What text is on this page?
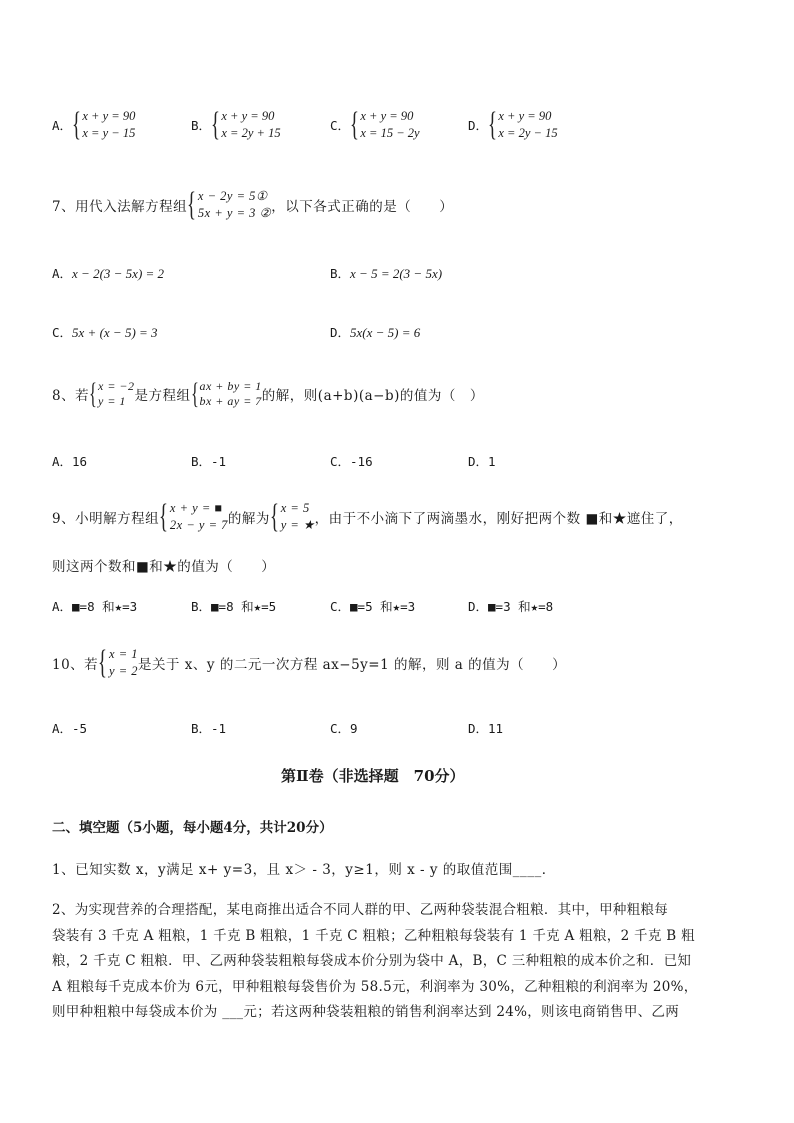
A． { x + y = 90
x = y − 15	B． { x + y = 90
x = 2y + 15	C． { x + y = 90
x = 15 − 2y	D． { x + y = 90
x = 2y − 15
7、用代入法解方程组 { x − 2y = 5①
5x + y = 3 ② ，以下各式正确的是（　　）
A．x − 2(3 − 5x) = 2	B．x − 5 = 2(3 − 5x)
C．5x + (x − 5) = 3	D．5x(x − 5) = 6
8、若 { x = −2
y = 1 是方程组 { ax + by = 1
bx + ay = 7 的解，则(a+b)(a−b)的值为（　）
A．16	B．-1	C．-16	D．1
9、小明解方程组 { x + y = ■
2x − y = 7 的解为 { x = 5
y = ★ ，由于不小滴下了两滴墨水，刚好把两个数 ■和★遮住了，
则这两个数和■和★的值为（　　）
A．■=8 和★=3	B．■=8 和★=5	C．■=5 和★=3	D．■=3 和★=8
10、若 { x = 1
y = 2 是关于 x、y 的二元一次方程 ax−5y=1 的解，则 a 的值为（　　）
A．-5	B．-1	C．9	D．11
第Ⅱ卷（非选择题　70分）
二、填空题（5小题，每小题4分，共计20分）
1、已知实数 x，y满足 x+ y=3，且 x＞ - 3，y≥1，则 x - y 的取值范围____．
2、为实现营养的合理搭配，某电商推出适合不同人群的甲、乙两种袋装混合粗粮．其中，甲种粗粮每
袋装有 3 千克 A 粗粮，1 千克 B 粗粮，1 千克 C 粗粮；乙种粗粮每袋装有 1 千克 A 粗粮，2 千克 B 粗
粮，2 千克 C 粗粮．甲、乙两种袋装粗粮每袋成本价分别为袋中 A，B，C 三种粗粮的成本价之和．已知
A 粗粮每千克成本价为 6元，甲种粗粮每袋售价为 58.5元，利润率为 30%，乙种粗粮的利润率为 20%，
则甲种粗粮中每袋成本价为 ___元；若这两种袋装粗粮的销售利润率达到 24%，则该电商销售甲、乙两
